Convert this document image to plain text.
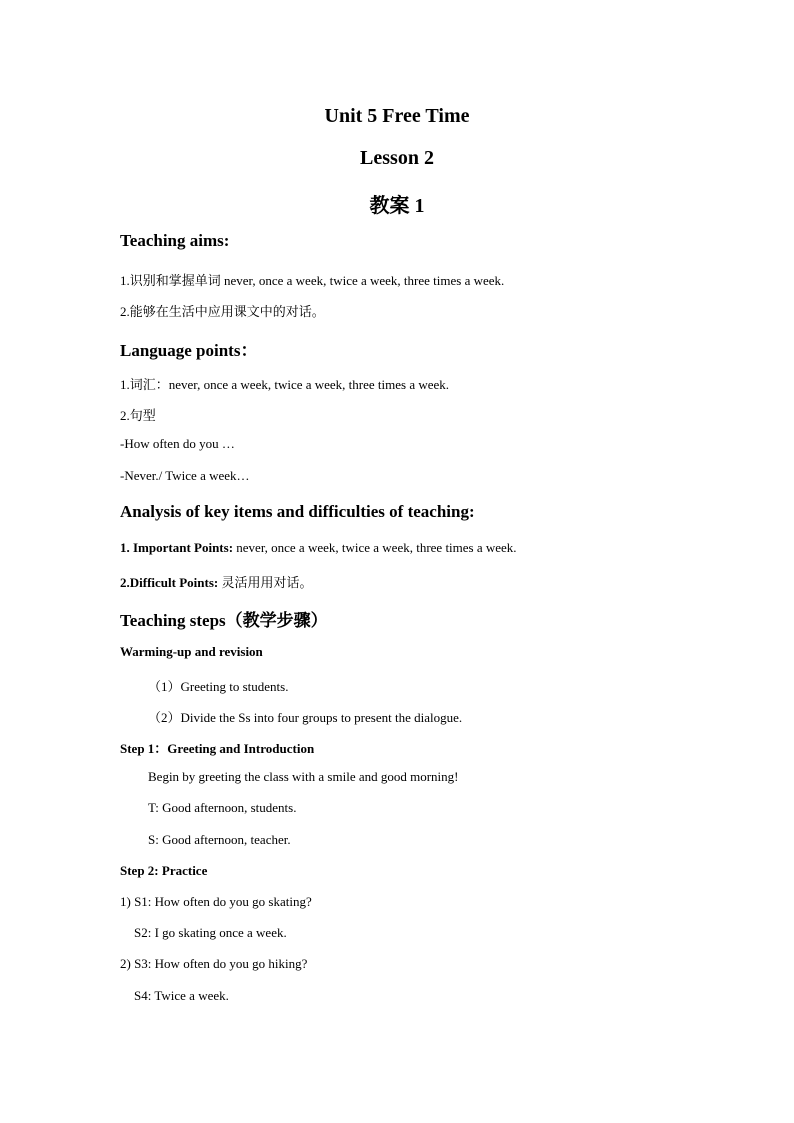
Unit 5 Free Time
Lesson 2
教案 1
Teaching aims:
1.识别和掌握单词 never, once a week, twice a week, three times a week.
2.能够在生活中应用课文中的对话。
Language points：
1.词汇：never, once a week, twice a week, three times a week.
2.句型
-How often do you …
-Never./ Twice a week…
Analysis of key items and difficulties of teaching:
1. Important Points: never, once a week, twice a week, three times a week.
2.Difficult Points: 灵活用用对话。
Teaching steps（教学步骤）
Warming-up and revision
（1）Greeting to students.
（2）Divide the Ss into four groups to present the dialogue.
Step 1：Greeting and Introduction
Begin by greeting the class with a smile and good morning!
T: Good afternoon, students.
S: Good afternoon, teacher.
Step 2: Practice
1) S1: How often do you go skating?
S2: I go skating once a week.
2) S3: How often do you go hiking?
S4: Twice a week.
